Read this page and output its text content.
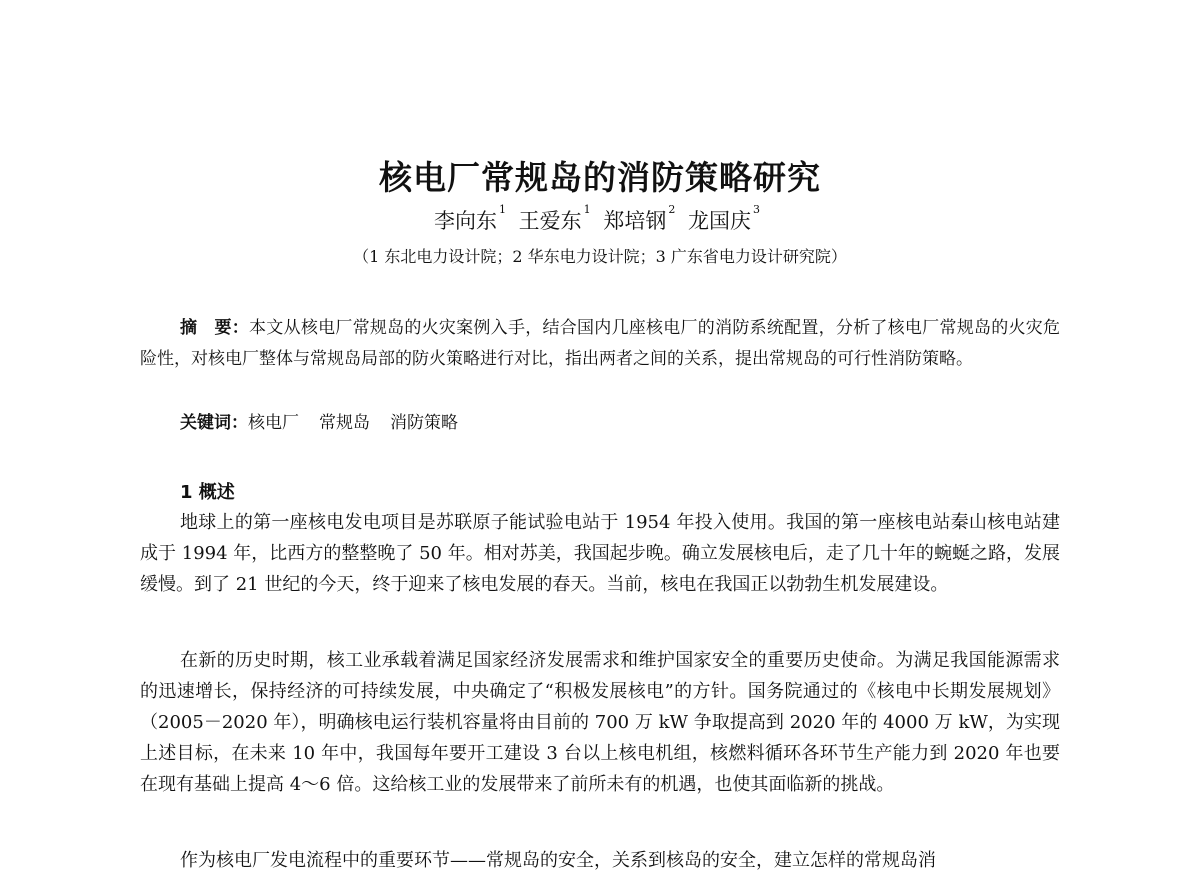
核电厂常规岛的消防策略研究
李向东 $^1$ 王爱东 $^1$ 郑培钢 $^2$ 龙国庆 $^3$
（1 东北电力设计院；2 华东电力设计院；3 广东省电力设计研究院）
摘　要：本文从核电厂常规岛的火灾案例入手，结合国内几座核电厂的消防系统配置，分析了核电厂常规岛的火灾危险性，对核电厂整体与常规岛局部的防火策略进行对比，指出两者之间的关系，提出常规岛的可行性消防策略。
关键词：核电厂 常规岛 消防策略
1 概述
地球上的第一座核电发电项目是苏联原子能试验电站于 1954 年投入使用。我国的第一座核电站秦山核电站建成于 1994 年，比西方的整整晚了 50 年。相对苏美，我国起步晚。确立发展核电后，走了几十年的蜿蜒之路，发展缓慢。到了 21 世纪的今天，终于迎来了核电发展的春天。当前，核电在我国正以勃勃生机发展建设。
在新的历史时期，核工业承载着满足国家经济发展需求和维护国家安全的重要历史使命。为满足我国能源需求的迅速增长，保持经济的可持续发展，中央确定了“积极发展核电”的方针。国务院通过的《核电中长期发展规划》（2005－2020 年），明确核电运行装机容量将由目前的 700 万 kW 争取提高到 2020 年的 4000 万 kW，为实现上述目标，在未来 10 年中，我国每年要开工建设 3 台以上核电机组，核燃料循环各环节生产能力到 2020 年也要在现有基础上提高 4～6 倍。这给核工业的发展带来了前所未有的机遇，也使其面临新的挑战。
作为核电厂发电流程中的重要环节——常规岛的安全，关系到核岛的安全，建立怎样的常规岛消
